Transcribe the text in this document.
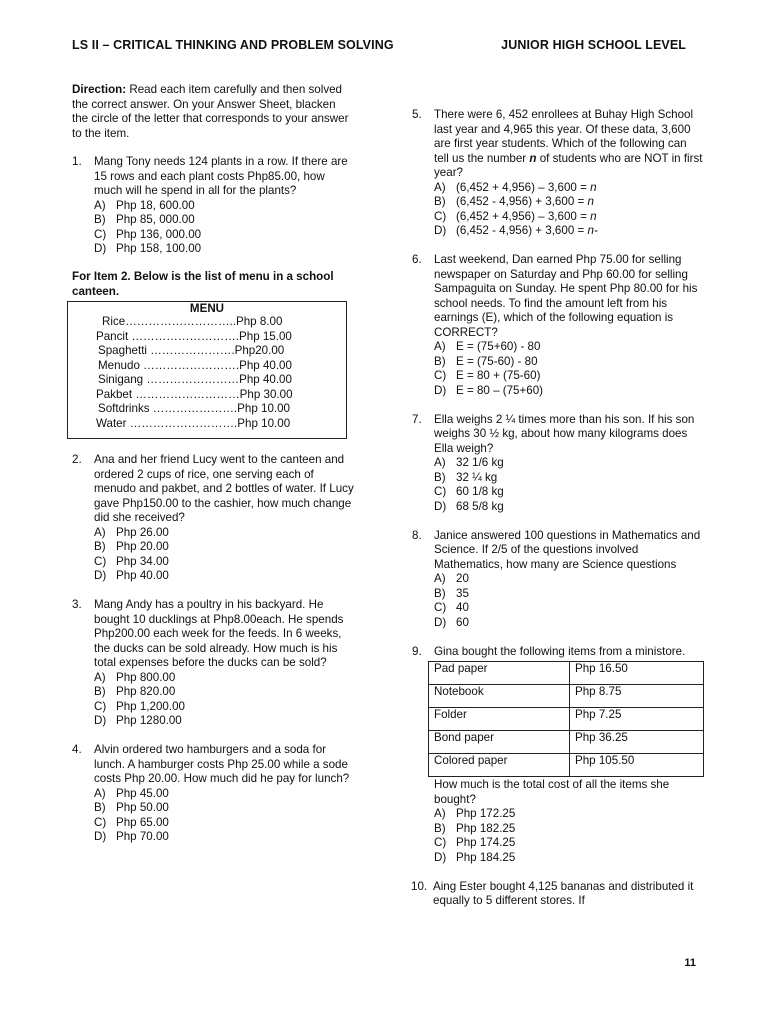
LS II – CRITICAL THINKING AND PROBLEM SOLVING	JUNIOR HIGH SCHOOL LEVEL

Direction: Read each item carefully and then solved the correct answer. On your Answer Sheet, blacken the circle of the letter that corresponds to your answer to the item.

1.	Mang Tony needs 124 plants in a row. If there are 15 rows and each plant costs Php85.00, how much will he spend in all for the plants?

A) Php 18, 600.00
B) Php 85, 000.00
C) Php 136, 000.00
D) Php 158, 100.00

For Item 2. Below is the list of menu in a school canteen.

MENU
Rice………………………..Php 8.00
Pancit ……………………….Php 15.00
Spaghetti ………………….Php20.00
Menudo …………………….Php 40.00
Sinigang ……………………Php 40.00
Pakbet ………………………Php 30.00
Softdrinks ………………….Php 10.00
Water ……………………….Php 10.00
2.	Ana and her friend Lucy went to the canteen and ordered 2 cups of rice, one serving each of menudo and pakbet, and 2 bottles of water. If Lucy gave Php150.00 to the cashier, how much change did she received?

A) Php 26.00
B) Php 20.00
C) Php 34.00
D) Php 40.00
3.	Mang Andy has a poultry in his backyard. He bought 10 ducklings at Php8.00each. He spends Php200.00 each week for the feeds. In 6 weeks, the ducks can be sold already. How much is his total expenses before the ducks can be sold?

A) Php 800.00
B) Php 820.00
C) Php 1,200.00
D) Php 1280.00
4.	Alvin ordered two hamburgers and a soda for lunch. A hamburger costs Php 25.00 while a sode costs Php 20.00. How much did he pay for lunch?

A) Php 45.00
B) Php 50.00
C) Php 65.00
D) Php 70.00
5.	There were 6, 452 enrollees at Buhay High School last year and 4,965 this year. Of these data, 3,600 are first year students. Which of the following can tell us the number n of students who are NOT in first year?

A) (6,452 + 4,956) – 3,600 = n
B) (6,452 - 4,956) + 3,600 = n
C) (6,452 + 4,956) – 3,600 = n
D) (6,452 - 4,956) + 3,600 = n-
6.	Last weekend, Dan earned Php 75.00 for selling newspaper on Saturday and Php 60.00 for selling Sampaguita on Sunday. He spent Php 80.00 for his school needs. To find the amount left from his earnings (E), which of the following equation is CORRECT?

A) E = (75+60) - 80
B) E = (75-60) - 80
C) E = 80 + (75-60)
D) E = 80 – (75+60)
7.	Ella weighs 2 ¼ times more than his son. If his son weighs 30 ½ kg, about how many kilograms does Ella weigh?

A) 32 1/6 kg
B) 32 ¼ kg
C) 60 1/8 kg
D) 68 5/8 kg
8.	Janice answered 100 questions in Mathematics and Science. If 2/5 of the questions involved Mathematics, how many are Science questions

A) 20
B) 35
C) 40
D) 60
9.	Gina bought the following items from a ministore.

Pad paper	Php 16.50
Notebook	Php 8.75
Folder	Php 7.25
Bond paper	Php 36.25
Colored paper	Php 105.50

How much is the total cost of all the items she bought?

A) Php 172.25
B) Php 182.25
C) Php 174.25
D) Php 184.25
10. Aing Ester bought 4,125 bananas and distributed it equally to 5 different stores. If

11
